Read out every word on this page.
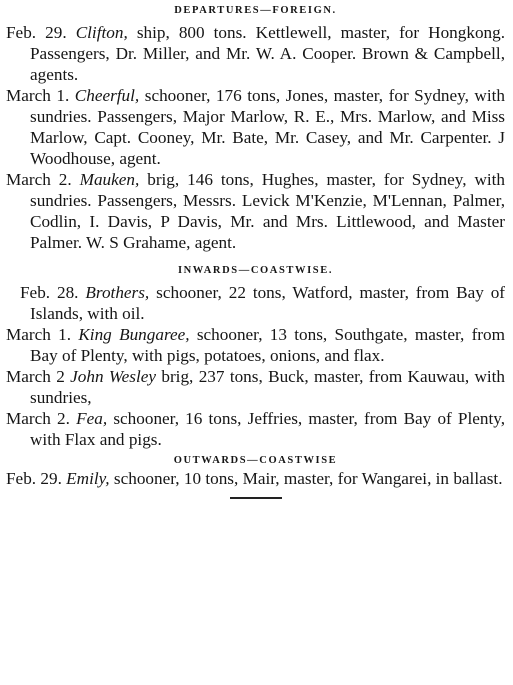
DEPARTURES—FOREIGN.

Feb. 29. Clifton, ship, 800 tons. Kettlewell, master, for Hongkong. Passengers, Dr. Miller, and Mr. W. A. Cooper. Brown & Campbell, agents.

March 1. Cheerful, schooner, 176 tons, Jones, master, for Sydney, with sundries. Passengers, Major Marlow, R. E., Mrs. Marlow, and Miss Marlow, Capt. Cooney, Mr. Bate, Mr. Casey, and Mr. Carpenter. J Woodhouse, agent.

March 2. Mauken, brig, 146 tons, Hughes, master, for Sydney, with sundries. Passengers, Messrs. Levick M'Kenzie, M'Lennan, Palmer, Codlin, I. Davis, P Davis, Mr. and Mrs. Littlewood, and Master Palmer. W. S Grahame, agent.

INWARDS—COASTWISE.

Feb. 28. Brothers, schooner, 22 tons, Watford, master, from Bay of Islands, with oil.

March 1. King Bungaree, schooner, 13 tons, Southgate, master, from Bay of Plenty, with pigs, potatoes, onions, and flax.

March 2 John Wesley brig, 237 tons, Buck, master, from Kauwau, with sundries,

March 2. Fea, schooner, 16 tons, Jeffries, master, from Bay of Plenty, with Flax and pigs.

OUTWARDS—COASTWISE

Feb. 29. Emily, schooner, 10 tons, Mair, master, for Wangarei, in ballast.
